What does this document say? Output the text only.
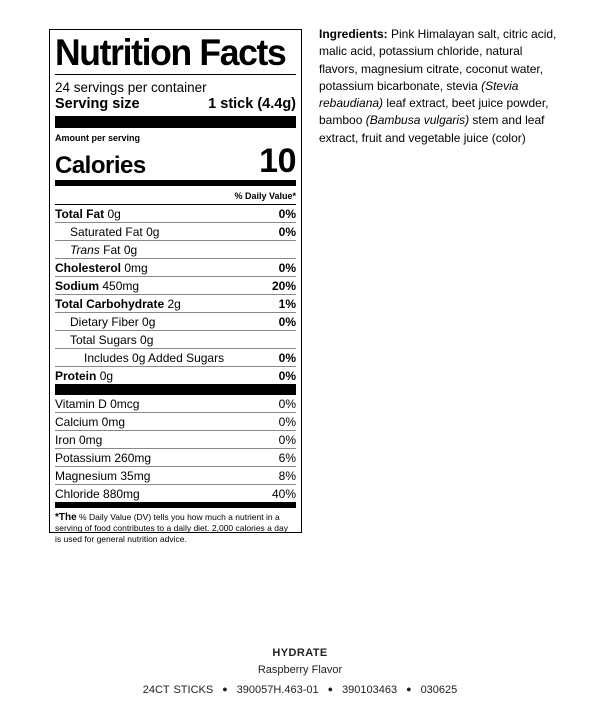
Nutrition Facts
24 servings per container
Serving size	1 stick (4.4g)
Amount per serving
Calories	10
% Daily Value*
Total Fat 0g	0%
Saturated Fat 0g	0%
Trans Fat 0g
Cholesterol 0mg	0%
Sodium 450mg	20%
Total Carbohydrate 2g	1%
Dietary Fiber 0g	0%
Total Sugars 0g
Includes 0g Added Sugars	0%
Protein 0g	0%
Vitamin D 0mcg	0%
Calcium 0mg	0%
Iron 0mg	0%
Potassium 260mg	6%
Magnesium 35mg	8%
Chloride 880mg	40%
*The % Daily Value (DV) tells you how much a nutrient in a serving of food contributes to a daily diet. 2,000 calories a day is used for general nutrition advice.
Ingredients: Pink Himalayan salt, citric acid, malic acid, potassium chloride, natural flavors, magnesium citrate, coconut water, potassium bicarbonate, stevia (Stevia rebaudiana) leaf extract, beet juice powder, bamboo (Bambusa vulgaris) stem and leaf extract, fruit and vegetable juice (color)
HYDRATE
Raspberry Flavor
24CT STICKS ● 390057H.463-01 ● 390103463 ● 030625
